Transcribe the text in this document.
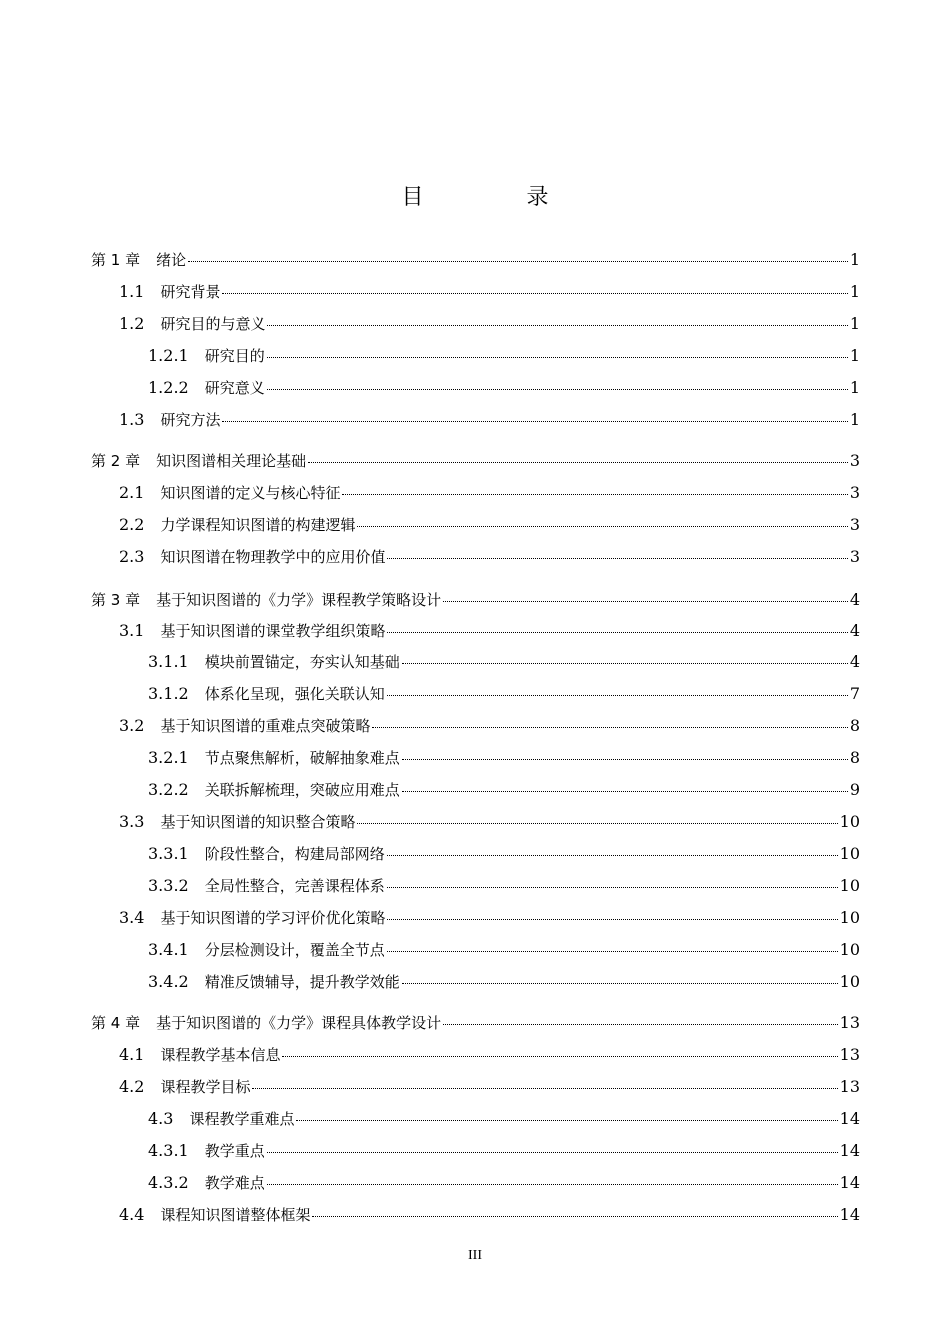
目 录
第 1 章	绪论	1
1.1	研究背景	1
1.2	研究目的与意义	1
1.2.1	研究目的	1
1.2.2	研究意义	1
1.3	研究方法	1
第 2 章	知识图谱相关理论基础	3
2.1	知识图谱的定义与核心特征	3
2.2	力学课程知识图谱的构建逻辑	3
2.3	知识图谱在物理教学中的应用价值	3
第 3 章	基于知识图谱的《力学》课程教学策略设计	4
3.1	基于知识图谱的课堂教学组织策略	4
3.1.1	模块前置锚定，夯实认知基础	4
3.1.2	体系化呈现，强化关联认知	7
3.2	基于知识图谱的重难点突破策略	8
3.2.1	节点聚焦解析，破解抽象难点	8
3.2.2	关联拆解梳理，突破应用难点	9
3.3	基于知识图谱的知识整合策略	10
3.3.1	阶段性整合，构建局部网络	10
3.3.2	全局性整合，完善课程体系	10
3.4	基于知识图谱的学习评价优化策略	10
3.4.1	分层检测设计，覆盖全节点	10
3.4.2	精准反馈辅导，提升教学效能	10
第 4 章	基于知识图谱的《力学》课程具体教学设计	13
4.1	课程教学基本信息	13
4.2	课程教学目标	13
4.3	课程教学重难点	14
4.3.1	教学重点	14
4.3.2	教学难点	14
4.4	课程知识图谱整体框架	14
III
